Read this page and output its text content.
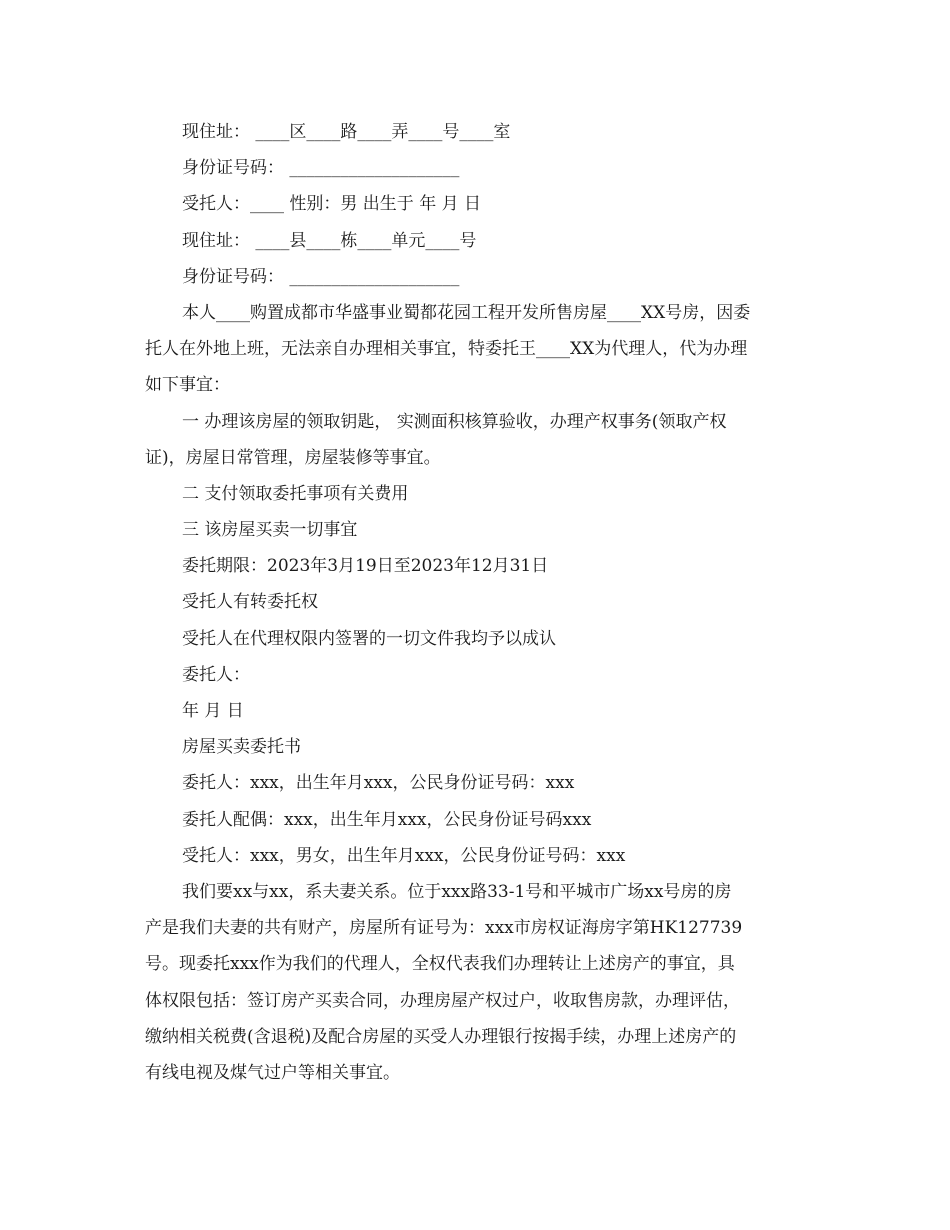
现住址： ____区____路____弄____号____室

身份证号码： ____________________

受托人：____ 性别：男 出生于 年 月 日

现住址： ____县____栋____单元____号

身份证号码： ____________________

本人____购置成都市华盛事业蜀都花园工程开发所售房屋____XX号房，因委

托人在外地上班，无法亲自办理相关事宜，特委托王____XX为代理人，代为办理

如下事宜：

一 办理该房屋的领取钥匙， 实测面积核算验收，办理产权事务(领取产权

证)，房屋日常管理，房屋装修等事宜。

二 支付领取委托事项有关费用

三 该房屋买卖一切事宜

委托期限：2023年3月19日至2023年12月31日

受托人有转委托权

受托人在代理权限内签署的一切文件我均予以成认

委托人：

年 月 日

房屋买卖委托书

委托人：xxx，出生年月xxx，公民身份证号码：xxx

委托人配偶：xxx，出生年月xxx，公民身份证号码xxx

受托人：xxx，男女，出生年月xxx，公民身份证号码：xxx

我们要xx与xx，系夫妻关系。位于xxx路33-1号和平城市广场xx号房的房

产是我们夫妻的共有财产，房屋所有证号为：xxx市房权证海房字第HK127739

号。现委托xxx作为我们的代理人，全权代表我们办理转让上述房产的事宜，具

体权限包括：签订房产买卖合同，办理房屋产权过户，收取售房款，办理评估，

缴纳相关税费(含退税)及配合房屋的买受人办理银行按揭手续，办理上述房产的

有线电视及煤气过户等相关事宜。
